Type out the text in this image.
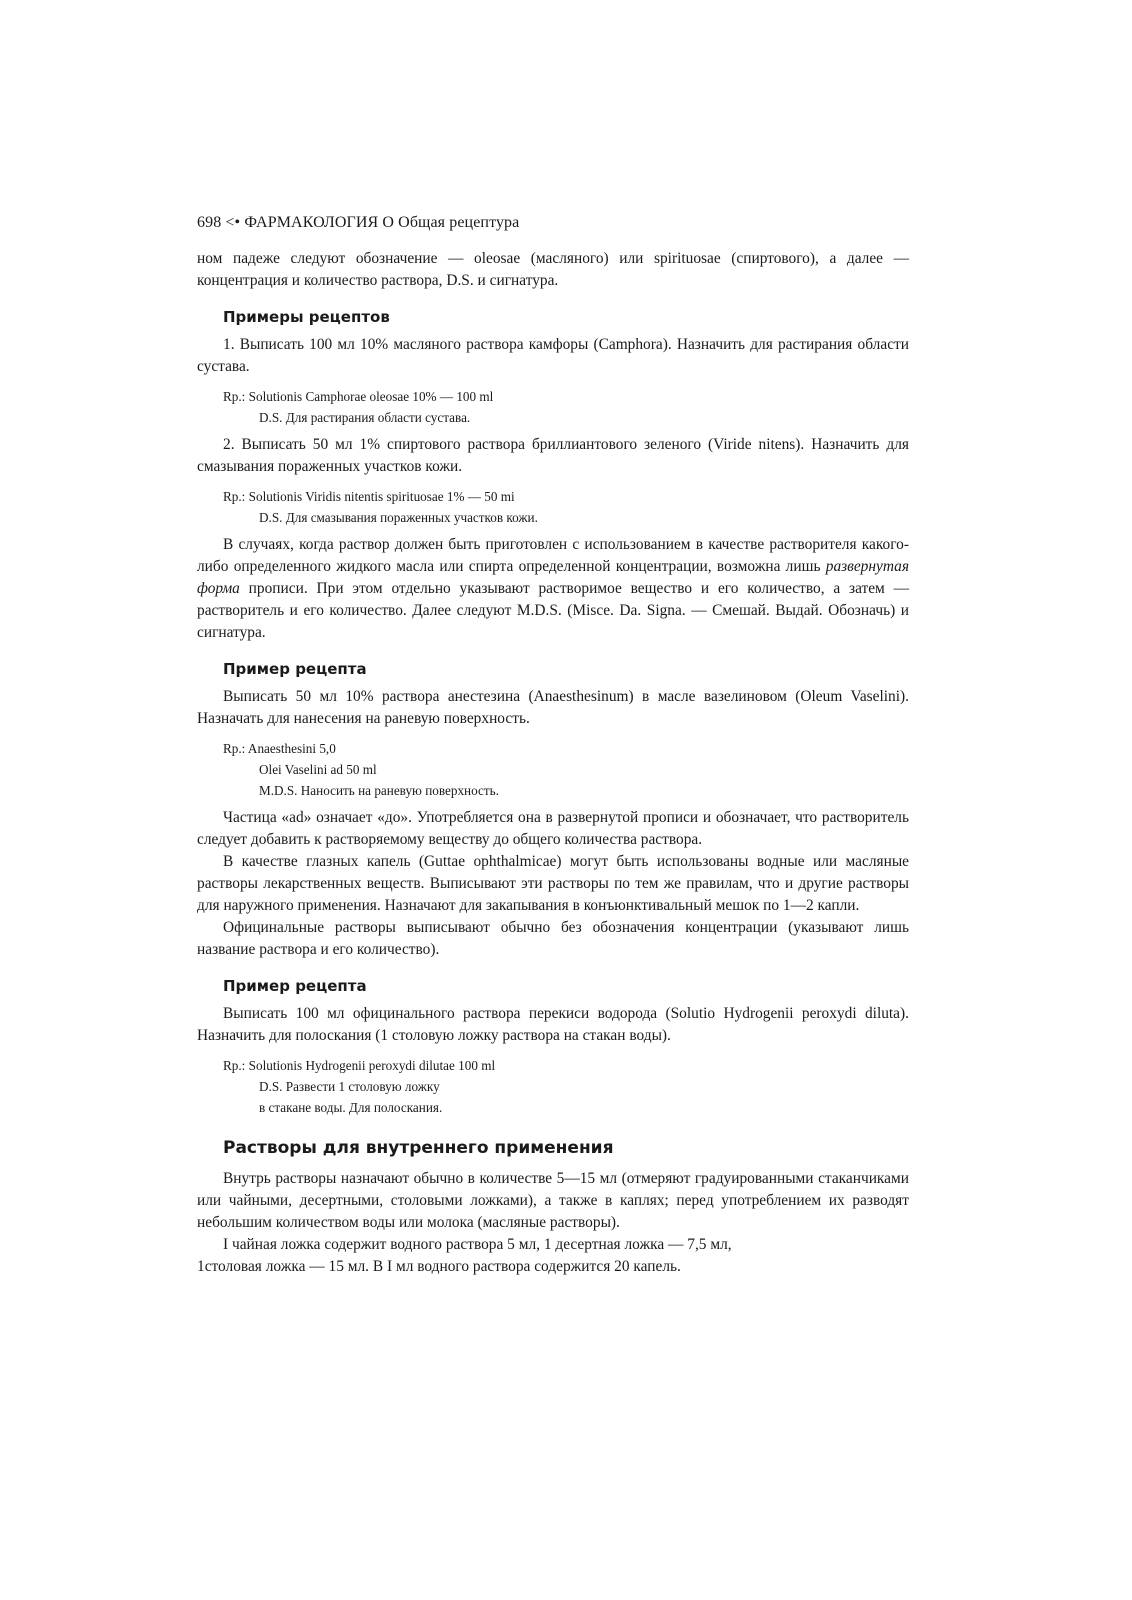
698 <• ФАРМАКОЛОГИЯ О Общая рецептура

ном падеже следуют обозначение — oleosae (масляного) или spirituosae (спиртового), а далее — концентрация и количество раствора, D.S. и сигнатура.

Примеры рецептов

1. Выписать 100 мл 10% масляного раствора камфоры (Camphora). Назначить для растирания области сустава.

Rp.: Solutionis Camphorae oleosae 10% — 100 ml
D.S. Для растирания области сустава.

2. Выписать 50 мл 1% спиртового раствора бриллиантового зеленого (Viride nitens). Назначить для смазывания пораженных участков кожи.

Rp.: Solutionis Viridis nitentis spirituosae 1% — 50 mi
D.S. Для смазывания пораженных участков кожи.

В случаях, когда раствор должен быть приготовлен с использованием в качестве растворителя какого-либо определенного жидкого масла или спирта определенной концентрации, возможна лишь развернутая форма прописи. При этом отдельно указывают растворимое вещество и его количество, а затем — растворитель и его количество. Далее следуют M.D.S. (Misce. Da. Signa. — Смешай. Выдай. Обозначь) и сигнатура.

Пример рецепта

Выписать 50 мл 10% раствора анестезина (Anaesthesinum) в масле вазелиновом (Oleum Vaselini). Назначать для нанесения на раневую поверхность.

Rp.: Anaesthesini 5,0
Olei Vaselini ad 50 ml
M.D.S. Наносить на раневую поверхность.

Частица «ad» означает «до». Употребляется она в развернутой прописи и обозначает, что растворитель следует добавить к растворяемому веществу до общего количества раствора.

В качестве глазных капель (Guttae ophthalmicae) могут быть использованы водные или масляные растворы лекарственных веществ. Выписывают эти растворы по тем же правилам, что и другие растворы для наружного применения. Назначают для закапывания в конъюнктивальный мешок по 1—2 капли.

Официнальные растворы выписывают обычно без обозначения концентрации (указывают лишь название раствора и его количество).

Пример рецепта

Выписать 100 мл официнального раствора перекиси водорода (Solutio Hydrogenii peroxydi diluta). Назначить для полоскания (1 столовую ложку раствора на стакан воды).

Rp.: Solutionis Hydrogenii peroxydi dilutae 100 ml
D.S. Развести 1 столовую ложку
в стакане воды. Для полоскания.
Растворы для внутреннего применения

Внутрь растворы назначают обычно в количестве 5—15 мл (отмеряют градуированными стаканчиками или чайными, десертными, столовыми ложками), а также в каплях; перед употреблением их разводят небольшим количеством воды или молока (масляные растворы).

I чайная ложка содержит водного раствора 5 мл, 1 десертная ложка — 7,5 мл,

1столовая ложка — 15 мл. В I мл водного раствора содержится 20 капель.
